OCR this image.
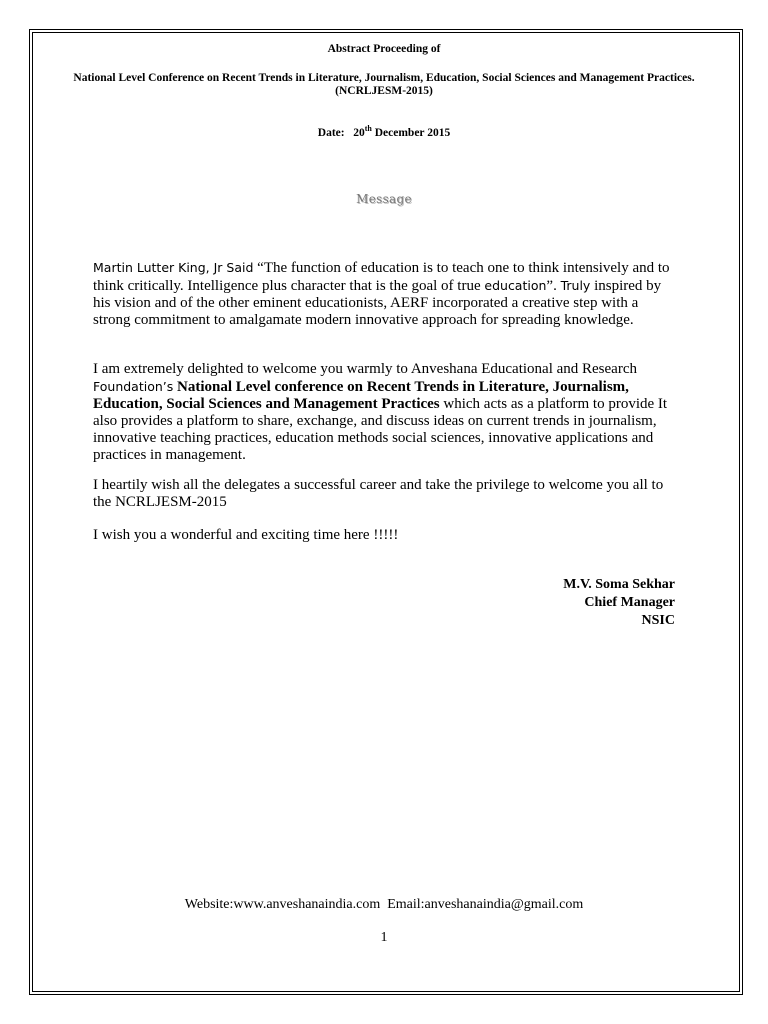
Abstract Proceeding of
National Level Conference on Recent Trends in Literature, Journalism, Education, Social Sciences and Management Practices.
(NCRLJESM-2015)
Date: 20th December 2015
Message
Martin Lutter King, Jr Said “The function of education is to teach one to think intensively and to think critically. Intelligence plus character that is the goal of true education”. Truly inspired by his vision and of the other eminent educationists, AERF incorporated a creative step with a strong commitment to amalgamate modern innovative approach for spreading knowledge.
I am extremely delighted to welcome you warmly to Anveshana Educational and Research Foundation’s National Level conference on Recent Trends in Literature, Journalism, Education, Social Sciences and Management Practices which acts as a platform to provide It also provides a platform to share, exchange, and discuss ideas on current trends in journalism, innovative teaching practices, education methods social sciences, innovative applications and practices in management.
I heartily wish all the delegates a successful career and take the privilege to welcome you all to the NCRLJESM-2015
I wish you a wonderful and exciting time here !!!!!
M.V. Soma Sekhar
Chief Manager
NSIC
Website:www.anveshanaindia.com Email:anveshanaindia@gmail.com
1
